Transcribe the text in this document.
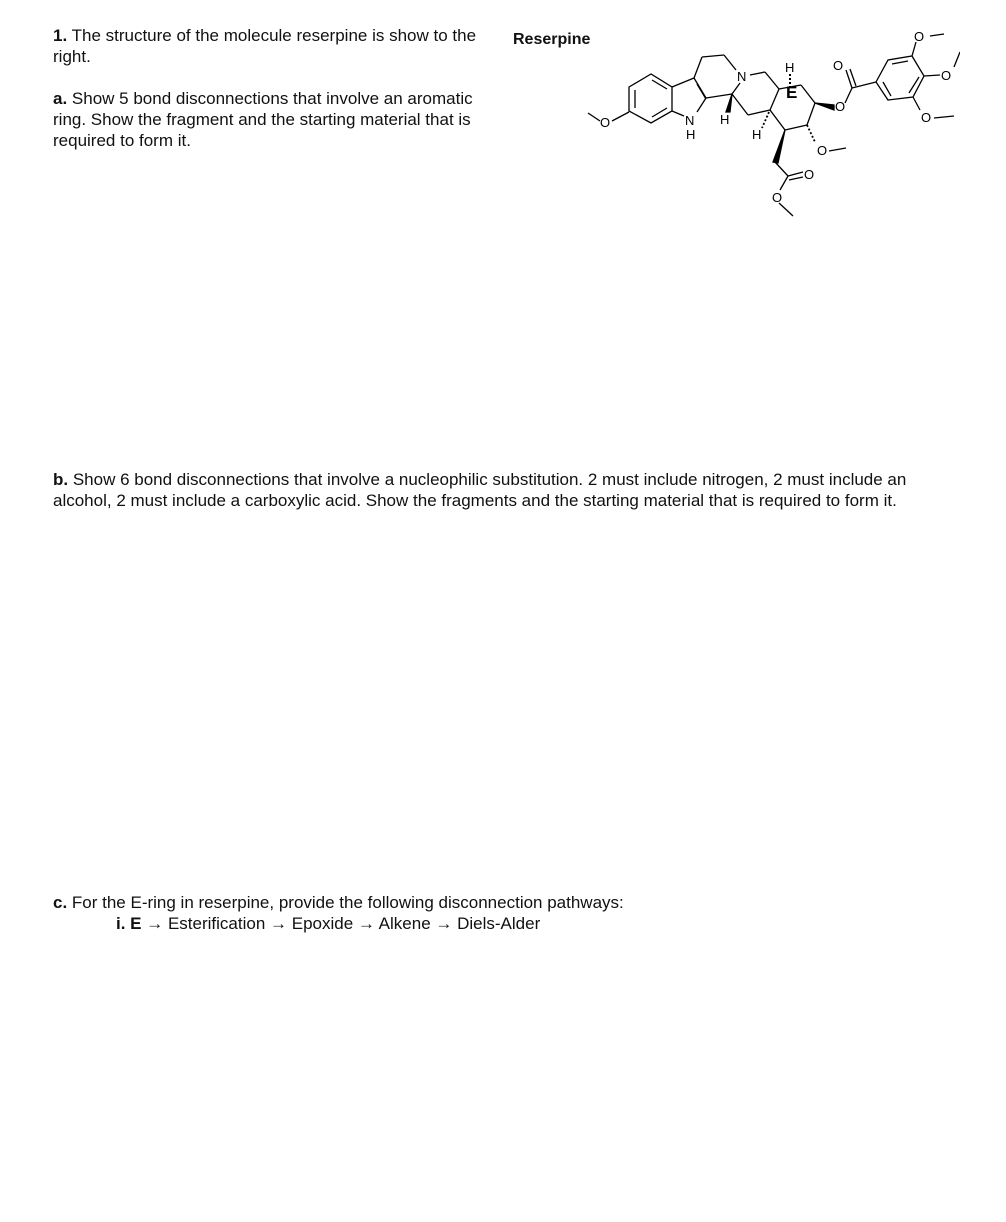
1. The structure of the molecule reserpine is show to the right.

a. Show 5 bond disconnections that involve an aromatic ring. Show the fragment and the starting material that is required to form it.

Reserpine
O	N
H
H
N
H
E
H
O
O
O
O
O
O
O
O

b. Show 6 bond disconnections that involve a nucleophilic substitution. 2 must include nitrogen, 2 must include an alcohol, 2 must include a carboxylic acid. Show the fragments and the starting material that is required to form it.

c. For the E-ring in reserpine, provide the following disconnection pathways:

i. E → Esterification → Epoxide → Alkene → Diels-Alder
